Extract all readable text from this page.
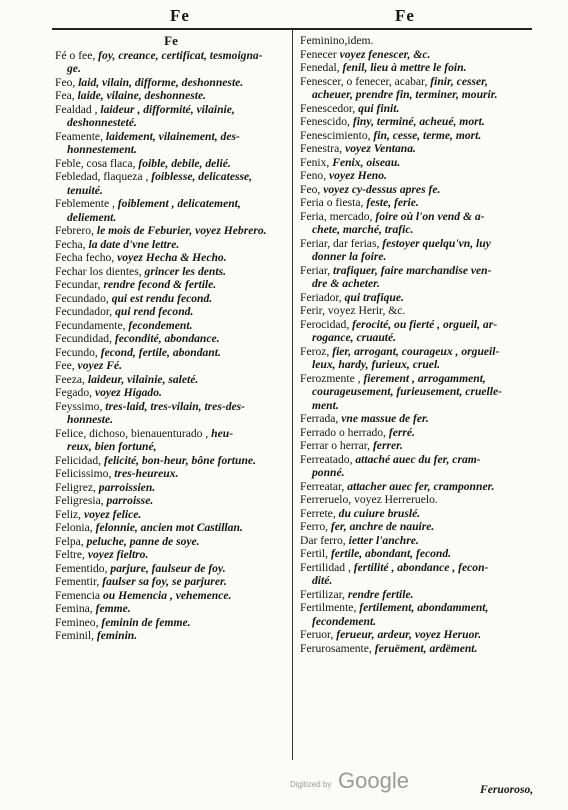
Fe	Fe
Fe
Fé o fee, foy, creance, certificat, tesmoigna-
ge.
Feo, laid, vilain, difforme, deshonneste.
Fea, laide, vilaine, deshonneste.
Fealdad , laideur , difformité, vilainie,
deshonnesteté.
Feamente, laidement, vilainement, des-
honnestement.
Feble, cosa flaca, foible, debile, delié.
Febledad, flaqueza , foiblesse, delicatesse,
tenuité.
Feblemente , foiblement , delicatement,
deliement.
Febrero, le mois de Feburier, voyez Hebrero.
Fecha, la date d'vne lettre.
Fecha fecho, voyez Hecha & Hecho.
Fechar los dientes, grincer les dents.
Fecundar, rendre fecond & fertile.
Fecundado, qui est rendu fecond.
Fecundador, qui rend fecond.
Fecundamente, fecondement.
Fecundidad, fecondité, abondance.
Fecundo, fecond, fertile, abondant.
Fee, voyez Fé.
Feeza, laideur, vilainie, saleté.
Fegado, voyez Higado.
Feyssimo, tres-laid, tres-vilain, tres-des-
honneste.
Felice, dichoso, bienauenturado , heu-
reux, bien fortuné,
Felicidad, felicité, bon-heur, bône fortune.
Felicissimo, tres-heureux.
Feligrez, parroissien.
Feligresia, parroisse.
Feliz, voyez felice.
Felonia, felonnie, ancien mot Castillan.
Felpa, peluche, panne de soye.
Feltre, voyez fieltro.
Fementido, parjure, faulseur de foy.
Fementir, faulser sa foy, se parjurer.
Femencia ou Hemencia , vehemence.
Femina, femme.
Femineo, feminin de femme.
Feminil, feminin.
Feminino,idem.
Fenecer voyez fenescer, &c.
Fenedal, fenil, lieu à mettre le foin.
Fenescer, o fenecer, acabar, finir, cesser,
acheuer, prendre fin, terminer, mourir.
Fenescedor, qui finit.
Fenescido, finy, terminé, acheué, mort.
Fenescimiento, fin, cesse, terme, mort.
Fenestra, voyez Ventana.
Fenix, Fenix, oiseau.
Feno, voyez Heno.
Feo, voyez cy-dessus apres fe.
Feria o fiesta, feste, ferie.
Feria, mercado, foire où l'on vend & a-
chete, marché, trafic.
Feriar, dar ferias, festoyer quelqu'vn, luy
donner la foire.
Feriar, trafiquer, faire marchandise ven-
dre & acheter.
Feriador, qui trafique.
Ferir, voyez Herir, &c.
Ferocidad, ferocité, ou fierté , orgueil, ar-
rogance, cruauté.
Feroz, fier, arrogant, courageux , orgueil-
leux, hardy, furieux, cruel.
Ferozmente , fierement , arrogamment,
courageusement, furieusement, cruelle-
ment.
Ferrada, vne massue de fer.
Ferrado o herrado, ferré.
Ferrar o herrar, ferrer.
Ferreatado, attaché auec du fer, cram-
ponné.
Ferreatar, attacher auec fer, cramponner.
Ferreruelo, voyez Herreruelo.
Ferrete, du cuiure bruslé.
Ferro, fer, anchre de nauire.
Dar ferro, ietter l'anchre.
Fertil, fertile, abondant, fecond.
Fertilidad , fertilité , abondance , fecon-
dité.
Fertilizar, rendre fertile.
Fertilmente, fertilement, abondamment,
fecondement.
Feruor, ferueur, ardeur, voyez Heruor.
Ferurosamente, feruëment, ardëment.
Feruoroso,
Digitized by Google
